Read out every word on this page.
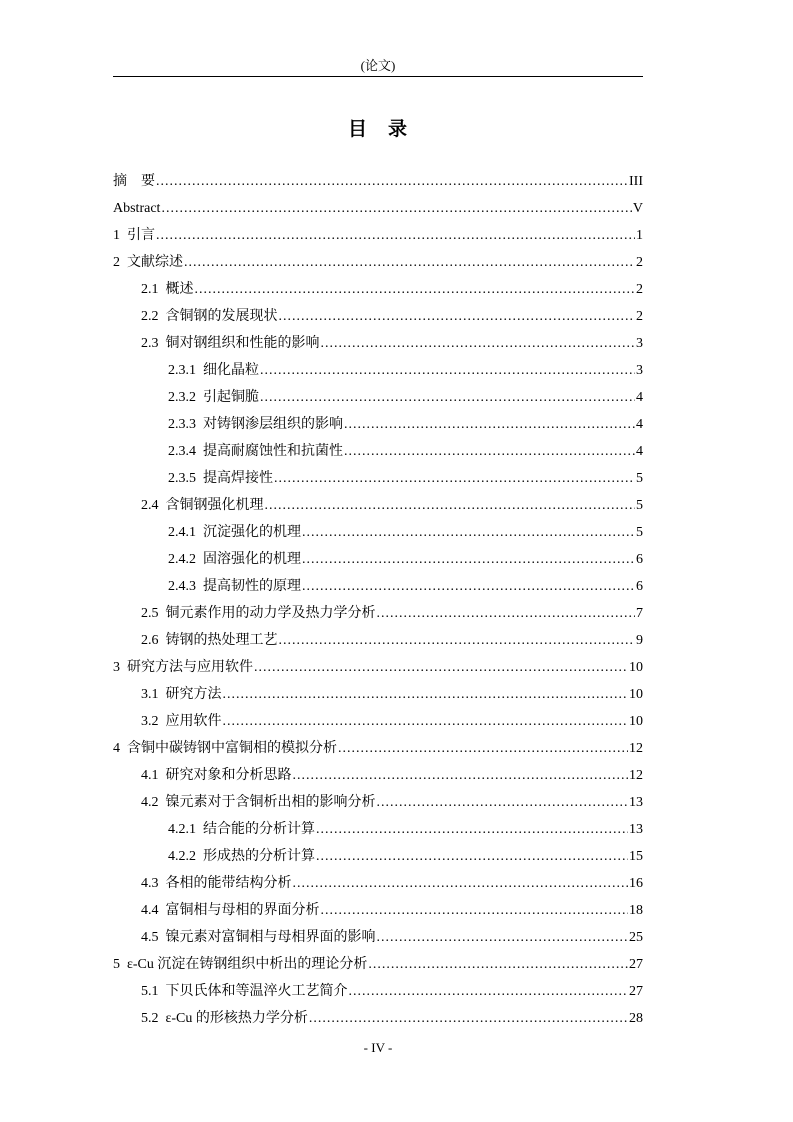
(论文)
目　录
摘　要 .....	III
Abstract .....	V
1 引言 .....	1
2 文献综述 .....	2
2.1 概述 .....	2
2.2 含铜钢的发展现状 .....	2
2.3 铜对钢组织和性能的影响 .....	3
2.3.1 细化晶粒 .....	3
2.3.2 引起铜脆 .....	4
2.3.3 对铸钢渗层组织的影响 .....	4
2.3.4 提高耐腐蚀性和抗菌性 .....	4
2.3.5 提高焊接性 .....	5
2.4 含铜钢强化机理 .....	5
2.4.1 沉淀强化的机理 .....	5
2.4.2 固溶强化的机理 .....	6
2.4.3 提高韧性的原理 .....	6
2.5 铜元素作用的动力学及热力学分析 .....	7
2.6 铸钢的热处理工艺 .....	9
3 研究方法与应用软件 .....	10
3.1 研究方法 .....	10
3.2 应用软件 .....	10
4 含铜中碳铸钢中富铜相的模拟分析 .....	12
4.1 研究对象和分析思路 .....	12
4.2 镍元素对于含铜析出相的影响分析 .....	13
4.2.1 结合能的分析计算 .....	13
4.2.2 形成热的分析计算 .....	15
4.3 各相的能带结构分析 .....	16
4.4 富铜相与母相的界面分析 .....	18
4.5 镍元素对富铜相与母相界面的影响 .....	25
5 ε-Cu 沉淀在铸钢组织中析出的理论分析 .....	27
5.1 下贝氏体和等温淬火工艺简介 .....	27
5.2 ε-Cu 的形核热力学分析 .....	28
- IV -
